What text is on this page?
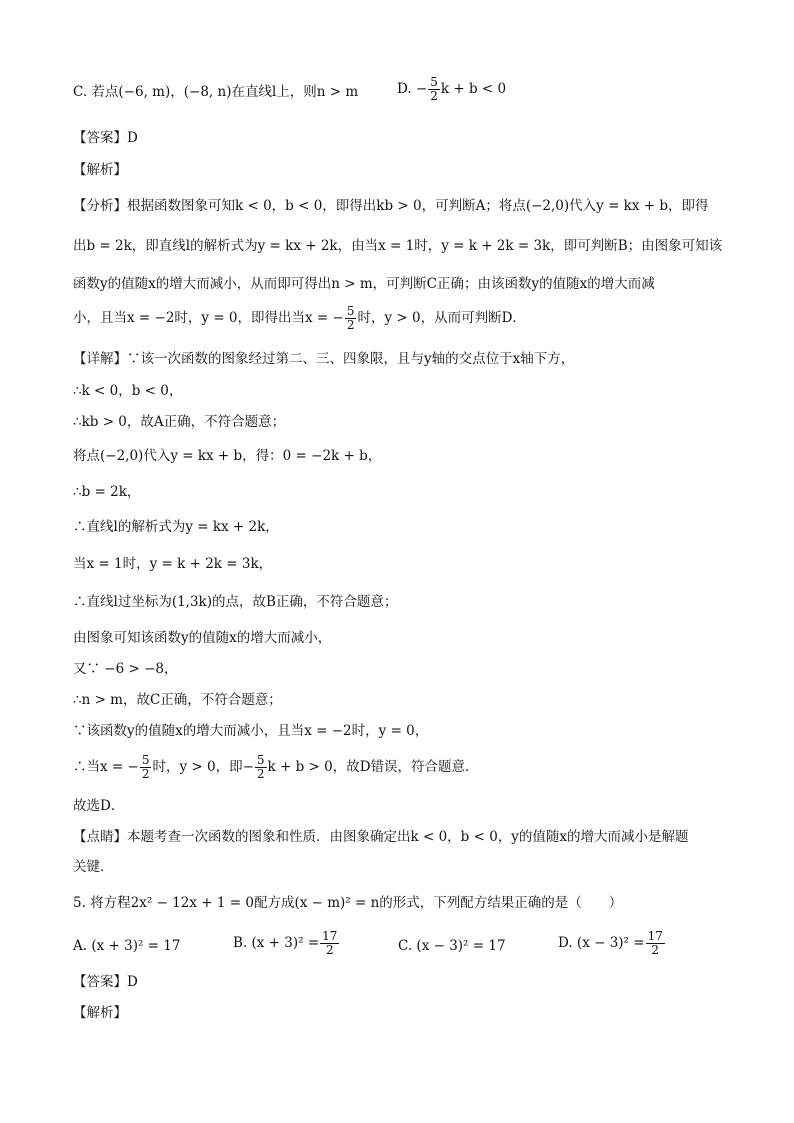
C. 若点(−6, m)，(−8, n)在直线l上，则n > m	D. − $\frac{5}{2}$ k + b < 0
【答案】D
【解析】
【分析】根据函数图象可知k < 0，b < 0，即得出kb > 0，可判断A；将点(−2,0)代入y = kx + b，即得
出b = 2k，即直线l的解析式为y = kx + 2k，由当x = 1时，y = k + 2k = 3k，即可判断B；由图象可知该
函数y的值随x的增大而减小，从而即可得出n > m，可判断C正确；由该函数y的值随x的增大而减
小，且当x = −2时，y = 0，即得出当x = − $\frac{5}{2}$ 时，y > 0，从而可判断D．
【详解】∵该一次函数的图象经过第二、三、四象限，且与y轴的交点位于x轴下方，
∴k < 0，b < 0，
∴kb > 0，故A正确，不符合题意；
将点(−2,0)代入y = kx + b，得：0 = −2k + b，
∴b = 2k，
∴直线l的解析式为y = kx + 2k，
当x = 1时，y = k + 2k = 3k，
∴直线l过坐标为(1,3k)的点，故B正确，不符合题意；
由图象可知该函数y的值随x的增大而减小，
又∵ −6 > −8，
∴n > m，故C正确，不符合题意；
∵该函数y的值随x的增大而减小，且当x = −2时，y = 0，
∴当x = − $\frac{5}{2}$ 时，y > 0，即− $\frac{5}{2}$ k + b > 0，故D错误，符合题意．
故选D．
【点睛】本题考查一次函数的图象和性质．由图象确定出k < 0，b < 0，y的值随x的增大而减小是解题
关键．
5. 将方程2x² − 12x + 1 = 0配方成(x − m)² = n的形式，下列配方结果正确的是（　　）
A. (x + 3)² = 17	B. $(x + 3)^2 = \frac{17}{2}$	C. (x − 3)² = 17	D. $(x - 3)^2 = \frac{17}{2}$
【答案】D
【解析】
